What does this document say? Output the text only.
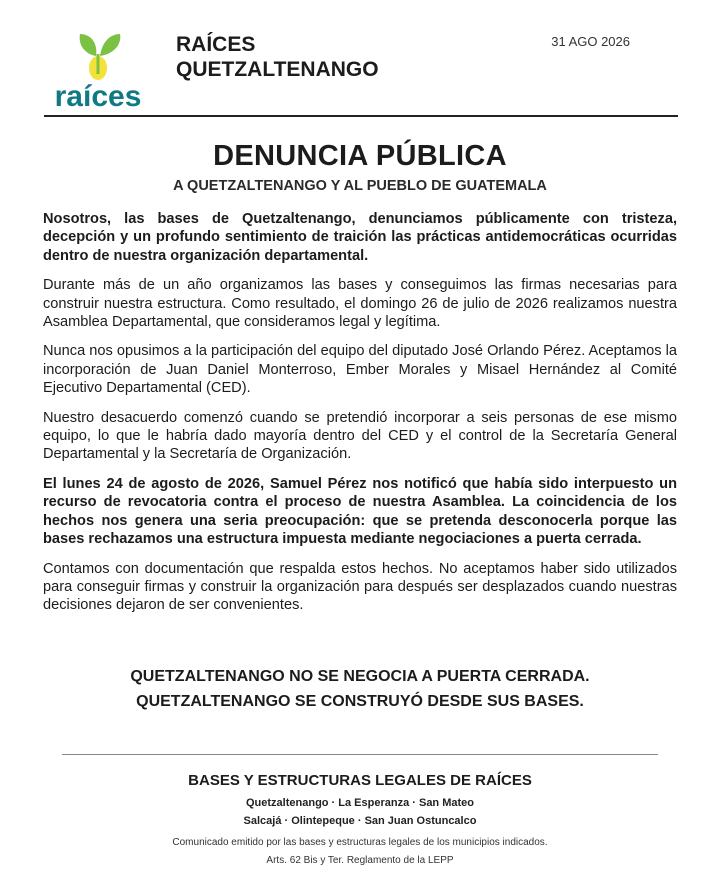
raíces
RAÍCES
QUETZALTENANGO
31 AGO 2026
DENUNCIA PÚBLICA
A QUETZALTENANGO Y AL PUEBLO DE GUATEMALA

Nosotros, las bases de Quetzaltenango, denunciamos públicamente con tristeza, decepción y un profundo sentimiento de traición las prácticas antidemocráticas ocurridas dentro de nuestra organización departamental.

Durante más de un año organizamos las bases y conseguimos las firmas necesarias para construir nuestra estructura. Como resultado, el domingo 26 de julio de 2026 realizamos nuestra Asamblea Departamental, que consideramos legal y legítima.

Nunca nos opusimos a la participación del equipo del diputado José Orlando Pérez. Aceptamos la incorporación de Juan Daniel Monterroso, Ember Morales y Misael Hernández al Comité Ejecutivo Departamental (CED).

Nuestro desacuerdo comenzó cuando se pretendió incorporar a seis personas de ese mismo equipo, lo que le habría dado mayoría dentro del CED y el control de la Secretaría General Departamental y la Secretaría de Organización.

El lunes 24 de agosto de 2026, Samuel Pérez nos notificó que había sido interpuesto un recurso de revocatoria contra el proceso de nuestra Asamblea. La coincidencia de los hechos nos genera una seria preocupación: que se pretenda desconocerla porque las bases rechazamos una estructura impuesta mediante negociaciones a puerta cerrada.

Contamos con documentación que respalda estos hechos. No aceptamos haber sido utilizados para conseguir firmas y construir la organización para después ser desplazados cuando nuestras decisiones dejaron de ser convenientes.

QUETZALTENANGO NO SE NEGOCIA A PUERTA CERRADA.
QUETZALTENANGO SE CONSTRUYÓ DESDE SUS BASES.
BASES Y ESTRUCTURAS LEGALES DE RAÍCES
Quetzaltenango · La Esperanza · San Mateo
Salcajá · Olintepeque · San Juan Ostuncalco
Comunicado emitido por las bases y estructuras legales de los municipios indicados.
Arts. 62 Bis y Ter. Reglamento de la LEPP
